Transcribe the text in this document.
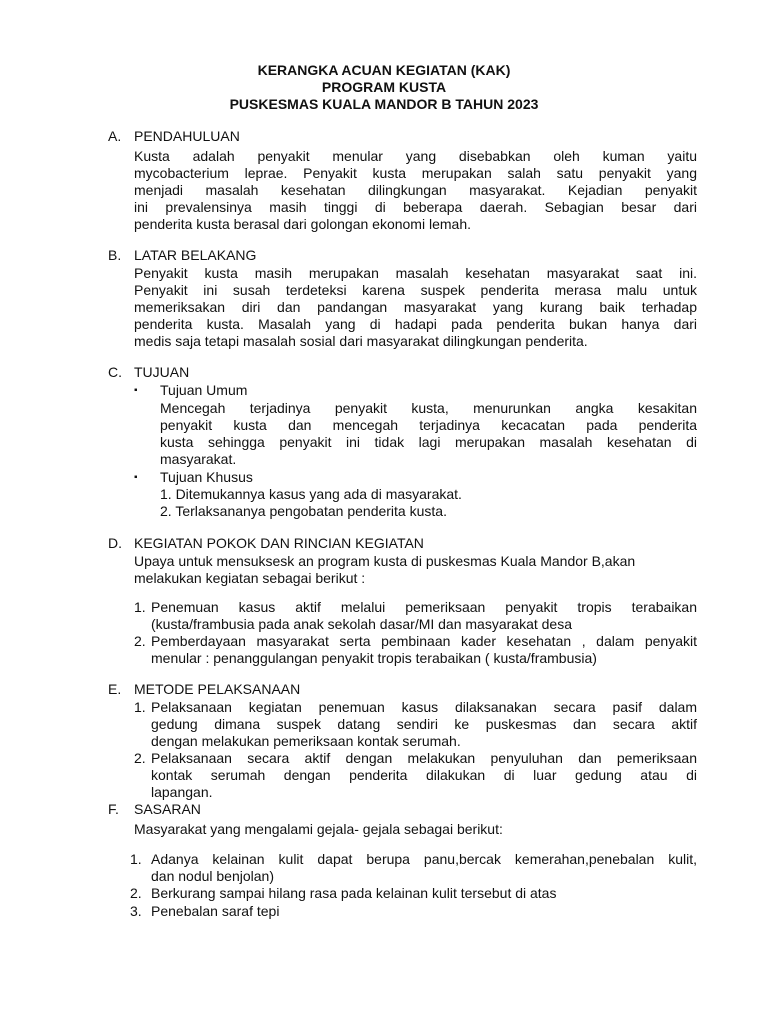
KERANGKA ACUAN KEGIATAN (KAK)
PROGRAM KUSTA
PUSKESMAS KUALA MANDOR B TAHUN 2023
A. PENDAHULUAN
Kusta adalah penyakit menular yang disebabkan oleh kuman yaitu
mycobacterium leprae. Penyakit kusta merupakan salah satu penyakit yang
menjadi masalah kesehatan dilingkungan masyarakat. Kejadian penyakit
ini prevalensinya masih tinggi di beberapa daerah. Sebagian besar dari
penderita kusta berasal dari golongan ekonomi lemah.
B. LATAR BELAKANG
Penyakit kusta masih merupakan masalah kesehatan masyarakat saat ini.
Penyakit ini susah terdeteksi karena suspek penderita merasa malu untuk
memeriksakan diri dan pandangan masyarakat yang kurang baik terhadap
penderita kusta. Masalah yang di hadapi pada penderita bukan hanya dari
medis saja tetapi masalah sosial dari masyarakat dilingkungan penderita.
C. TUJUAN
▪ Tujuan Umum
Mencegah terjadinya penyakit kusta, menurunkan angka kesakitan
penyakit kusta dan mencegah terjadinya kecacatan pada penderita
kusta sehingga penyakit ini tidak lagi merupakan masalah kesehatan di
masyarakat.
▪ Tujuan Khusus
1. Ditemukannya kasus yang ada di masyarakat.
2. Terlaksananya pengobatan penderita kusta.
D. KEGIATAN POKOK DAN RINCIAN KEGIATAN
Upaya untuk mensuksesk an program kusta di puskesmas Kuala Mandor B,akan
melakukan kegiatan sebagai berikut :
1. Penemuan kasus aktif melalui pemeriksaan penyakit tropis terabaikan
(kusta/frambusia pada anak sekolah dasar/MI dan masyarakat desa
2. Pemberdayaan masyarakat serta pembinaan kader kesehatan , dalam penyakit
menular : penanggulangan penyakit tropis terabaikan ( kusta/frambusia)
E. METODE PELAKSANAAN
1. Pelaksanaan kegiatan penemuan kasus dilaksanakan secara pasif dalam
gedung dimana suspek datang sendiri ke puskesmas dan secara aktif
dengan melakukan pemeriksaan kontak serumah.
2. Pelaksanaan secara aktif dengan melakukan penyuluhan dan pemeriksaan
kontak serumah dengan penderita dilakukan di luar gedung atau di
lapangan.
F. SASARAN
Masyarakat yang mengalami gejala- gejala sebagai berikut:
1. Adanya kelainan kulit dapat berupa panu,bercak kemerahan,penebalan kulit,
dan nodul benjolan)
2. Berkurang sampai hilang rasa pada kelainan kulit tersebut di atas
3. Penebalan saraf tepi
